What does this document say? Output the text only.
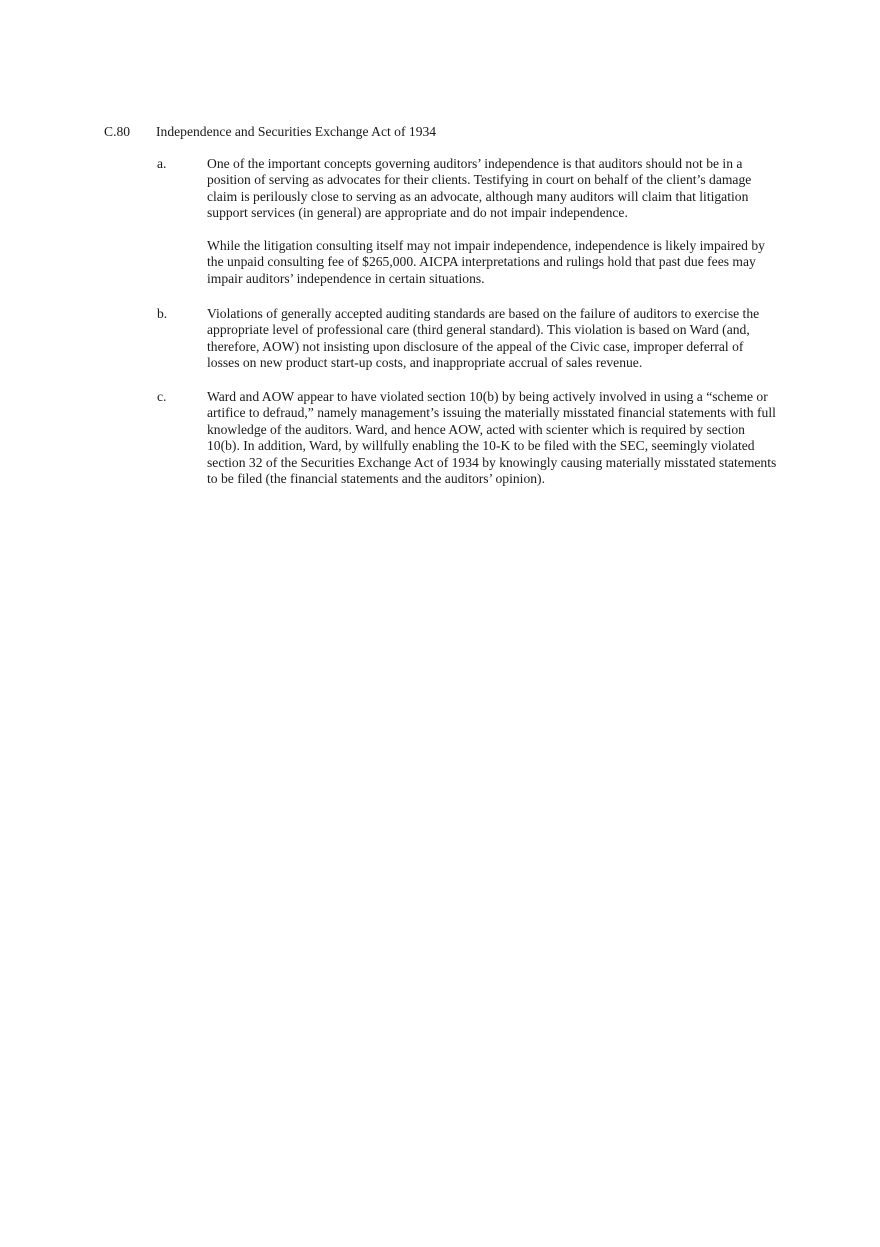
C.80 Independence and Securities Exchange Act of 1934
a.	One of the important concepts governing auditors’ independence is that auditors should not be in a position of serving as advocates for their clients. Testifying in court on behalf of the client’s damage claim is perilously close to serving as an advocate, although many auditors will claim that litigation support services (in general) are appropriate and do not impair independence.

While the litigation consulting itself may not impair independence, independence is likely impaired by the unpaid consulting fee of $265,000. AICPA interpretations and rulings hold that past due fees may impair auditors’ independence in certain situations.

b.	Violations of generally accepted auditing standards are based on the failure of auditors to exercise the appropriate level of professional care (third general standard). This violation is based on Ward (and, therefore, AOW) not insisting upon disclosure of the appeal of the Civic case, improper deferral of losses on new product start-up costs, and inappropriate accrual of sales revenue.

c.	Ward and AOW appear to have violated section 10(b) by being actively involved in using a “scheme or artifice to defraud,” namely management’s issuing the materially misstated financial statements with full knowledge of the auditors. Ward, and hence AOW, acted with scienter which is required by section 10(b). In addition, Ward, by willfully enabling the 10-K to be filed with the SEC, seemingly violated section 32 of the Securities Exchange Act of 1934 by knowingly causing materially misstated statements to be filed (the financial statements and the auditors’ opinion).
